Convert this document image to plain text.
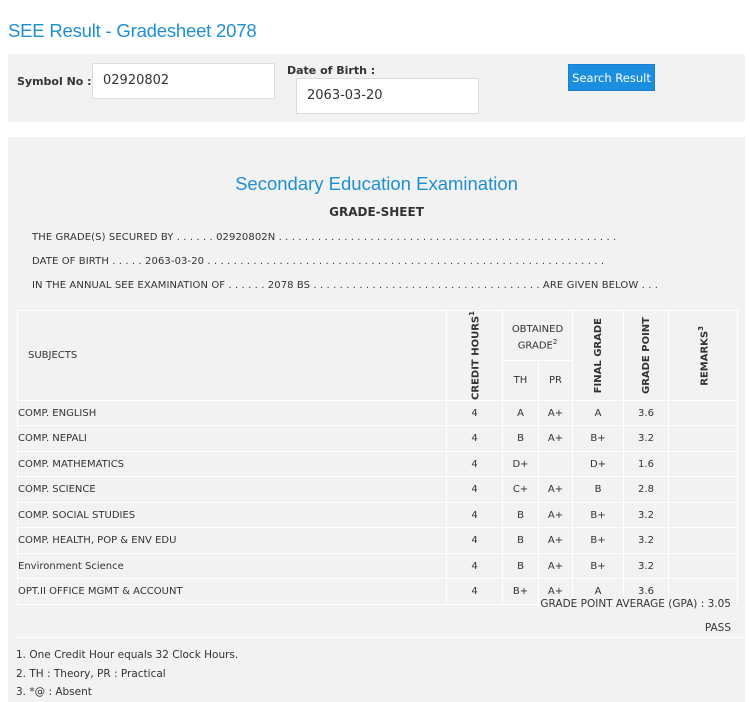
SEE Result - Gradesheet 2078
Symbol No : 02920802
Date of Birth :
2063-03-20
Search Result
Secondary Education Examination
GRADE-SHEET
THE GRADE(S) SECURED BY . . . . . . 02920802N . . . . . . . . . . . . . . . . . . . . . . . . . . . . . . . . . . . . . . . . . . . . . . . . . . . .
DATE OF BIRTH . . . . . 2063-03-20 . . . . . . . . . . . . . . . . . . . . . . . . . . . . . . . . . . . . . . . . . . . . . . . . . . . . . . . . . . . . .
IN THE ANNUAL SEE EXAMINATION OF . . . . . . 2078 BS . . . . . . . . . . . . . . . . . . . . . . . . . . . . . . . . . . . ARE GIVEN BELOW . . .
SUBJECTS	CREDIT HOURS$^1$	OBTAINED GRADE$^2$		FINAL GRADE	GRADE POINT	REMARKS$^3$

		TH	PR			
COMP. ENGLISH	4	A	A+	A	3.6	
COMP. NEPALI	4	B	A+	B+	3.2	
COMP. MATHEMATICS	4	D+		D+	1.6	
COMP. SCIENCE	4	C+	A+	B	2.8	
COMP. SOCIAL STUDIES	4	B	A+	B+	3.2	
COMP. HEALTH, POP & ENV EDU	4	B	A+	B+	3.2	
Environment Science	4	B	A+	B+	3.2	
OPT.II OFFICE MGMT & ACCOUNT	4	B+	A+	A	3.6	
GRADE POINT AVERAGE (GPA) : 3.05
PASS
1. One Credit Hour equals 32 Clock Hours.
2. TH : Theory, PR : Practical
3. *@ : Absent
